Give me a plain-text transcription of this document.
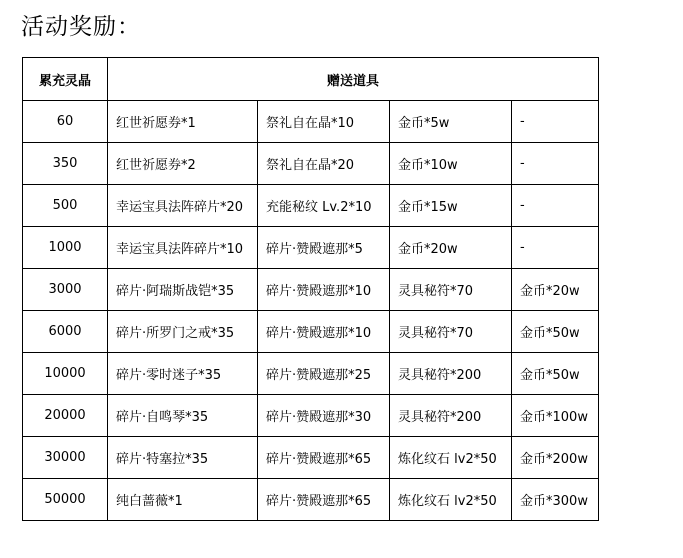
活动奖励：
累充灵晶	赠送道具			
60	红世祈愿券*1	祭礼自在晶*10	金币*5w	-
350	红世祈愿券*2	祭礼自在晶*20	金币*10w	-
500	幸运宝具法阵碎片*20	充能秘纹 Lv.2*10	金币*15w	-
1000	幸运宝具法阵碎片*10	碎片·赞殿遮那*5	金币*20w	-
3000	碎片·阿瑞斯战铠*35	碎片·赞殿遮那*10	灵具秘符*70	金币*20w
6000	碎片·所罗门之戒*35	碎片·赞殿遮那*10	灵具秘符*70	金币*50w
10000	碎片·零时迷子*35	碎片·赞殿遮那*25	灵具秘符*200	金币*50w
20000	碎片·自鸣琴*35	碎片·赞殿遮那*30	灵具秘符*200	金币*100w
30000	碎片·特塞拉*35	碎片·赞殿遮那*65	炼化纹石 lv2*50	金币*200w
50000	纯白蔷薇*1	碎片·赞殿遮那*65	炼化纹石 lv2*50	金币*300w
